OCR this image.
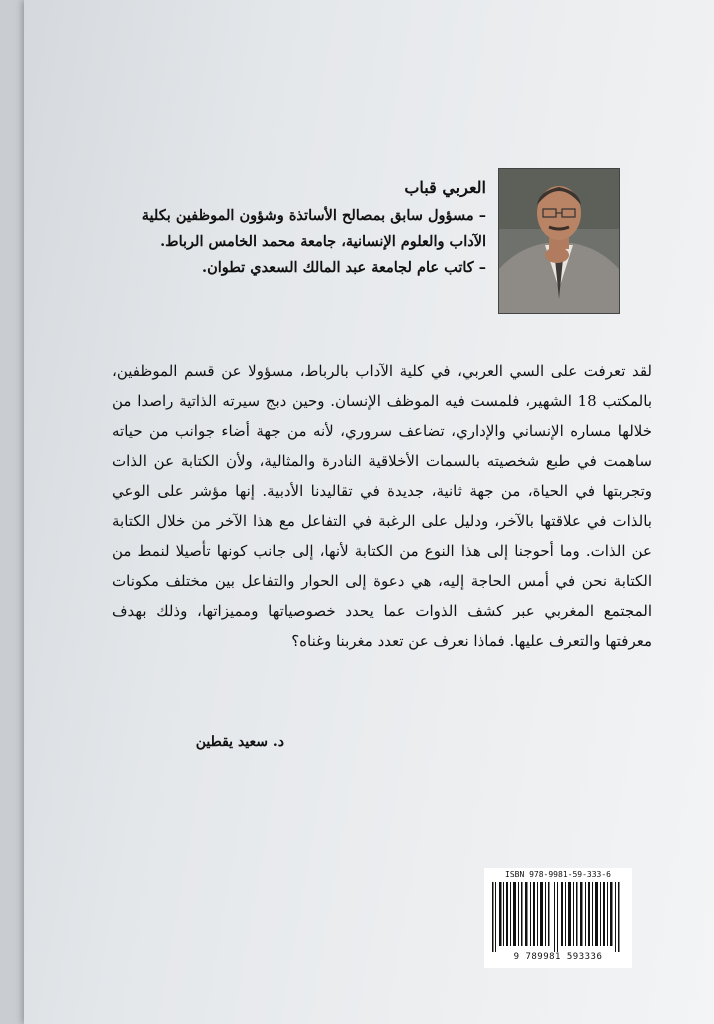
العربي قباب

– مسؤول سابق بمصالح الأساتذة وشؤون الموظفين بكلية

الآداب والعلوم الإنسانية، جامعة محمد الخامس الرباط.

– كاتب عام لجامعة عبد المالك السعدي تطوان.

لقد تعرفت على السي العربي، في كلية الآداب بالرباط، مسؤولا عن قسم الموظفين، بالمكتب 18 الشهير، فلمست فيه الموظف الإنسان. وحين دبج سيرته الذاتية راصدا من خلالها مساره الإنساني والإداري، تضاعف سروري، لأنه من جهة أضاء جوانب من حياته ساهمت في طبع شخصيته بالسمات الأخلاقية النادرة والمثالية، ولأن الكتابة عن الذات وتجربتها في الحياة، من جهة ثانية، جديدة في تقاليدنا الأدبية. إنها مؤشر على الوعي بالذات في علاقتها بالآخر، ودليل على الرغبة في التفاعل مع هذا الآخر من خلال الكتابة عن الذات. وما أحوجنا إلى هذا النوع من الكتابة لأنها، إلى جانب كونها تأصيلا لنمط من الكتابة نحن في أمس الحاجة إليه، هي دعوة إلى الحوار والتفاعل بين مختلف مكونات المجتمع المغربي عبر كشف الذوات عما يحدد خصوصياتها ومميزاتها، وذلك بهدف معرفتها والتعرف عليها. فماذا نعرف عن تعدد مغربنا وغناه؟

د. سعيد يقطين
ISBN 978-9981-59-333-6
9 789981 593336
